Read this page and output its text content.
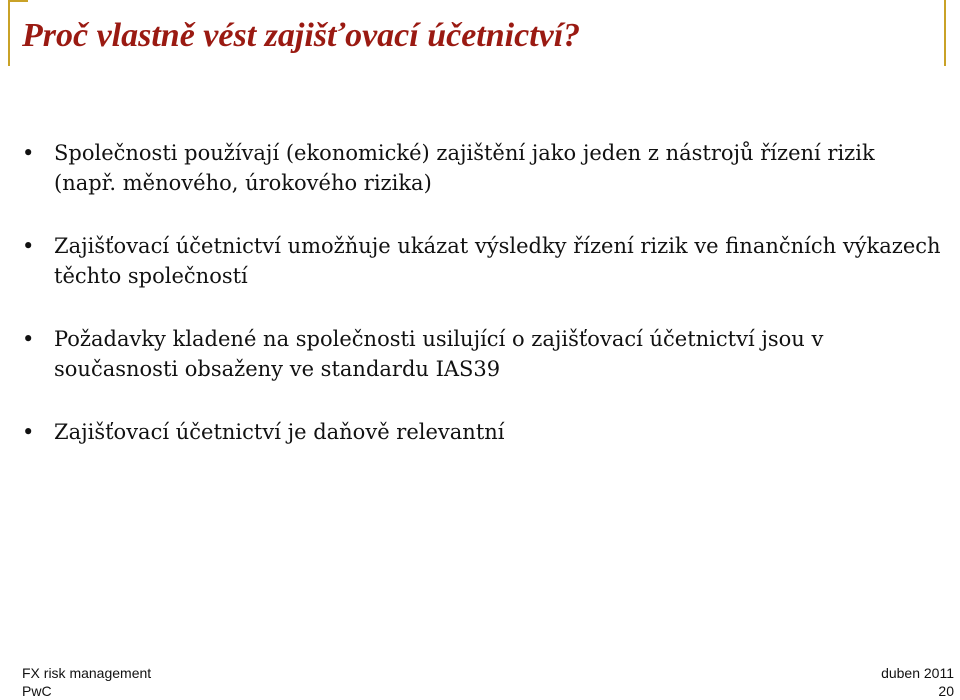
Proč vlastně vést zajišťovací účetnictví?
• Společnosti používají (ekonomické) zajištění jako jeden z nástrojů řízení rizik (např. měnového, úrokového rizika)
• Zajišťovací účetnictví umožňuje ukázat výsledky řízení rizik ve finančních výkazech těchto společností
• Požadavky kladené na společnosti usilující o zajišťovací účetnictví jsou v současnosti obsaženy ve standardu IAS39
• Zajišťovací účetnictví je daňově relevantní
FX risk management
PwC
duben 2011
20
